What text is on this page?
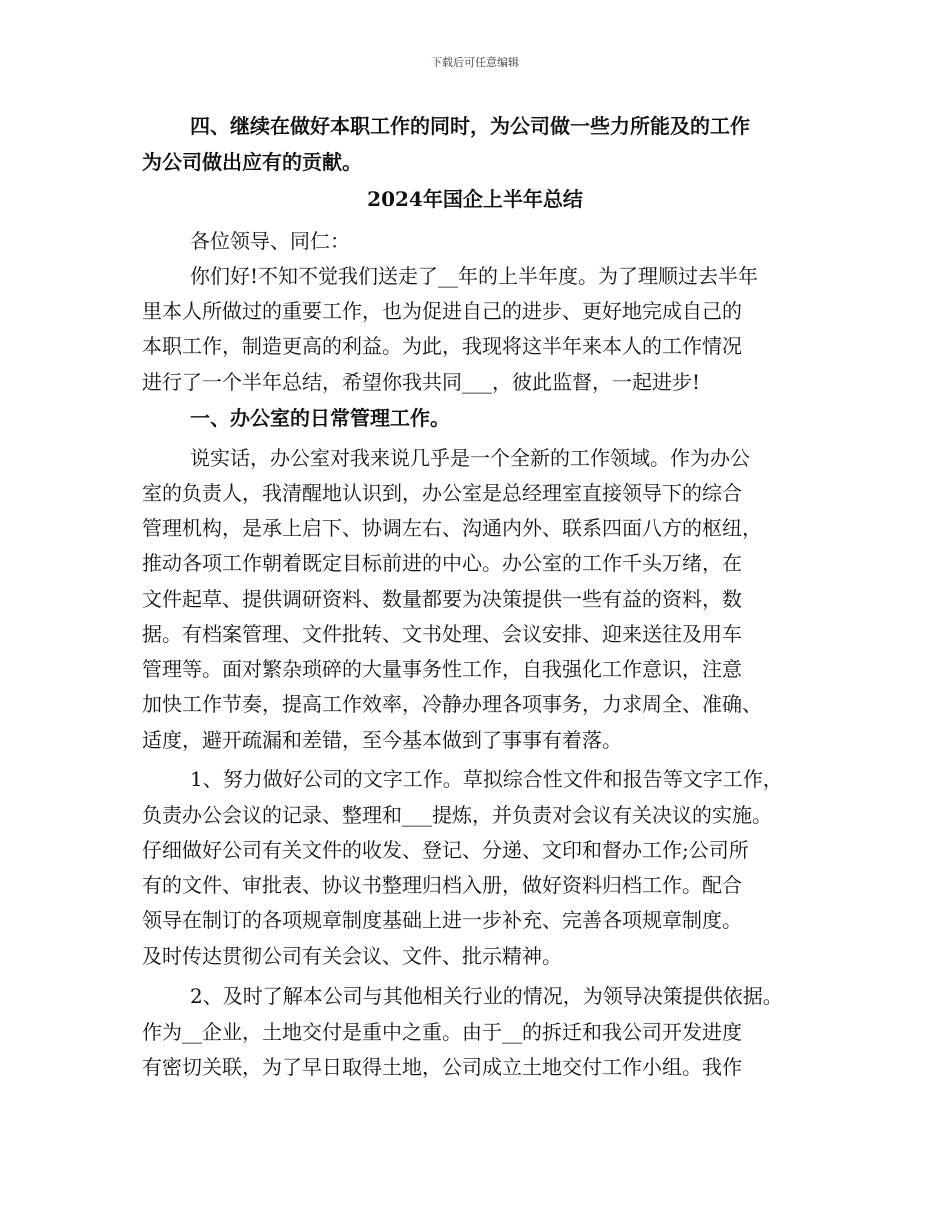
下载后可任意编辑
四、继续在做好本职工作的同时，为公司做一些力所能及的工作
为公司做出应有的贡献。
2024年国企上半年总结
各位领导、同仁：
你们好!不知不觉我们送走了__年的上半年度。为了理顺过去半年
里本人所做过的重要工作，也为促进自己的进步、更好地完成自己的
本职工作，制造更高的利益。为此，我现将这半年来本人的工作情况
进行了一个半年总结，希望你我共同___，彼此监督，一起进步!
一、办公室的日常管理工作。
说实话，办公室对我来说几乎是一个全新的工作领域。作为办公
室的负责人，我清醒地认识到，办公室是总经理室直接领导下的综合
管理机构，是承上启下、协调左右、沟通内外、联系四面八方的枢纽，
推动各项工作朝着既定目标前进的中心。办公室的工作千头万绪，在
文件起草、提供调研资料、数量都要为决策提供一些有益的资料，数
据。有档案管理、文件批转、文书处理、会议安排、迎来送往及用车
管理等。面对繁杂琐碎的大量事务性工作，自我强化工作意识，注意
加快工作节奏，提高工作效率，冷静办理各项事务，力求周全、准确、
适度，避开疏漏和差错，至今基本做到了事事有着落。
1、努力做好公司的文字工作。草拟综合性文件和报告等文字工作，
负责办公会议的记录、整理和___提炼，并负责对会议有关决议的实施。
仔细做好公司有关文件的收发、登记、分递、文印和督办工作;公司所
有的文件、审批表、协议书整理归档入册，做好资料归档工作。配合
领导在制订的各项规章制度基础上进一步补充、完善各项规章制度。
及时传达贯彻公司有关会议、文件、批示精神。
2、及时了解本公司与其他相关行业的情况，为领导决策提供依据。
作为__企业，土地交付是重中之重。由于__的拆迁和我公司开发进度
有密切关联，为了早日取得土地，公司成立土地交付工作小组。我作
